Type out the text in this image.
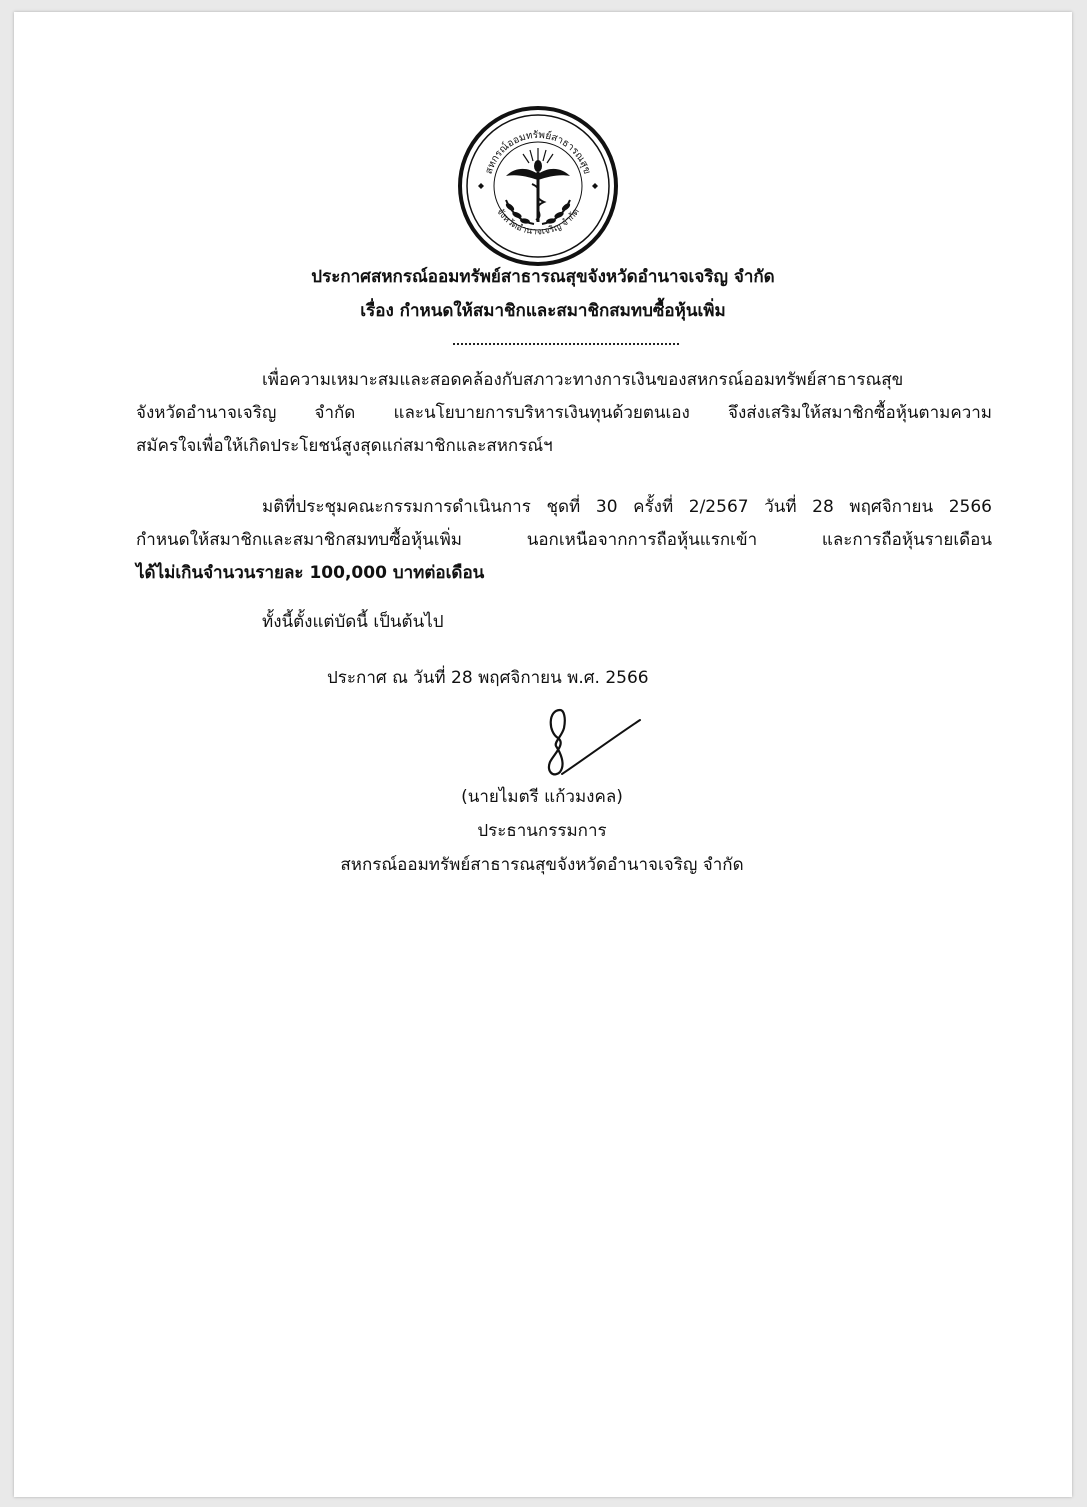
สหกรณ์ออมทรัพย์สาธารณสุข
จังหวัดอำนาจเจริญ จำกัด
ประกาศสหกรณ์ออมทรัพย์สาธารณสุขจังหวัดอำนาจเจริญ จำกัด
เรื่อง กำหนดให้สมาชิกและสมาชิกสมทบซื้อหุ้นเพิ่ม
เพื่อความเหมาะสมและสอดคล้องกับสภาวะทางการเงินของสหกรณ์ออมทรัพย์สาธารณสุข
จังหวัดอำนาจเจริญ จำกัด และนโยบายการบริหารเงินทุนด้วยตนเอง จึงส่งเสริมให้สมาชิกซื้อหุ้นตามความ
สมัครใจเพื่อให้เกิดประโยชน์สูงสุดแก่สมาชิกและสหกรณ์ฯ
มติที่ประชุมคณะกรรมการดำเนินการ ชุดที่ 30 ครั้งที่ 2/2567 วันที่ 28 พฤศจิกายน 2566
กำหนดให้สมาชิกและสมาชิกสมทบซื้อหุ้นเพิ่ม นอกเหนือจากการถือหุ้นแรกเข้า และการถือหุ้นรายเดือน
ได้ไม่เกินจำนวนรายละ 100,000 บาทต่อเดือน
ทั้งนี้ตั้งแต่บัดนี้ เป็นต้นไป
ประกาศ ณ วันที่ 28 พฤศจิกายน พ.ศ. 2566
(นายไมตรี แก้วมงคล)
ประธานกรรมการ
สหกรณ์ออมทรัพย์สาธารณสุขจังหวัดอำนาจเจริญ จำกัด
